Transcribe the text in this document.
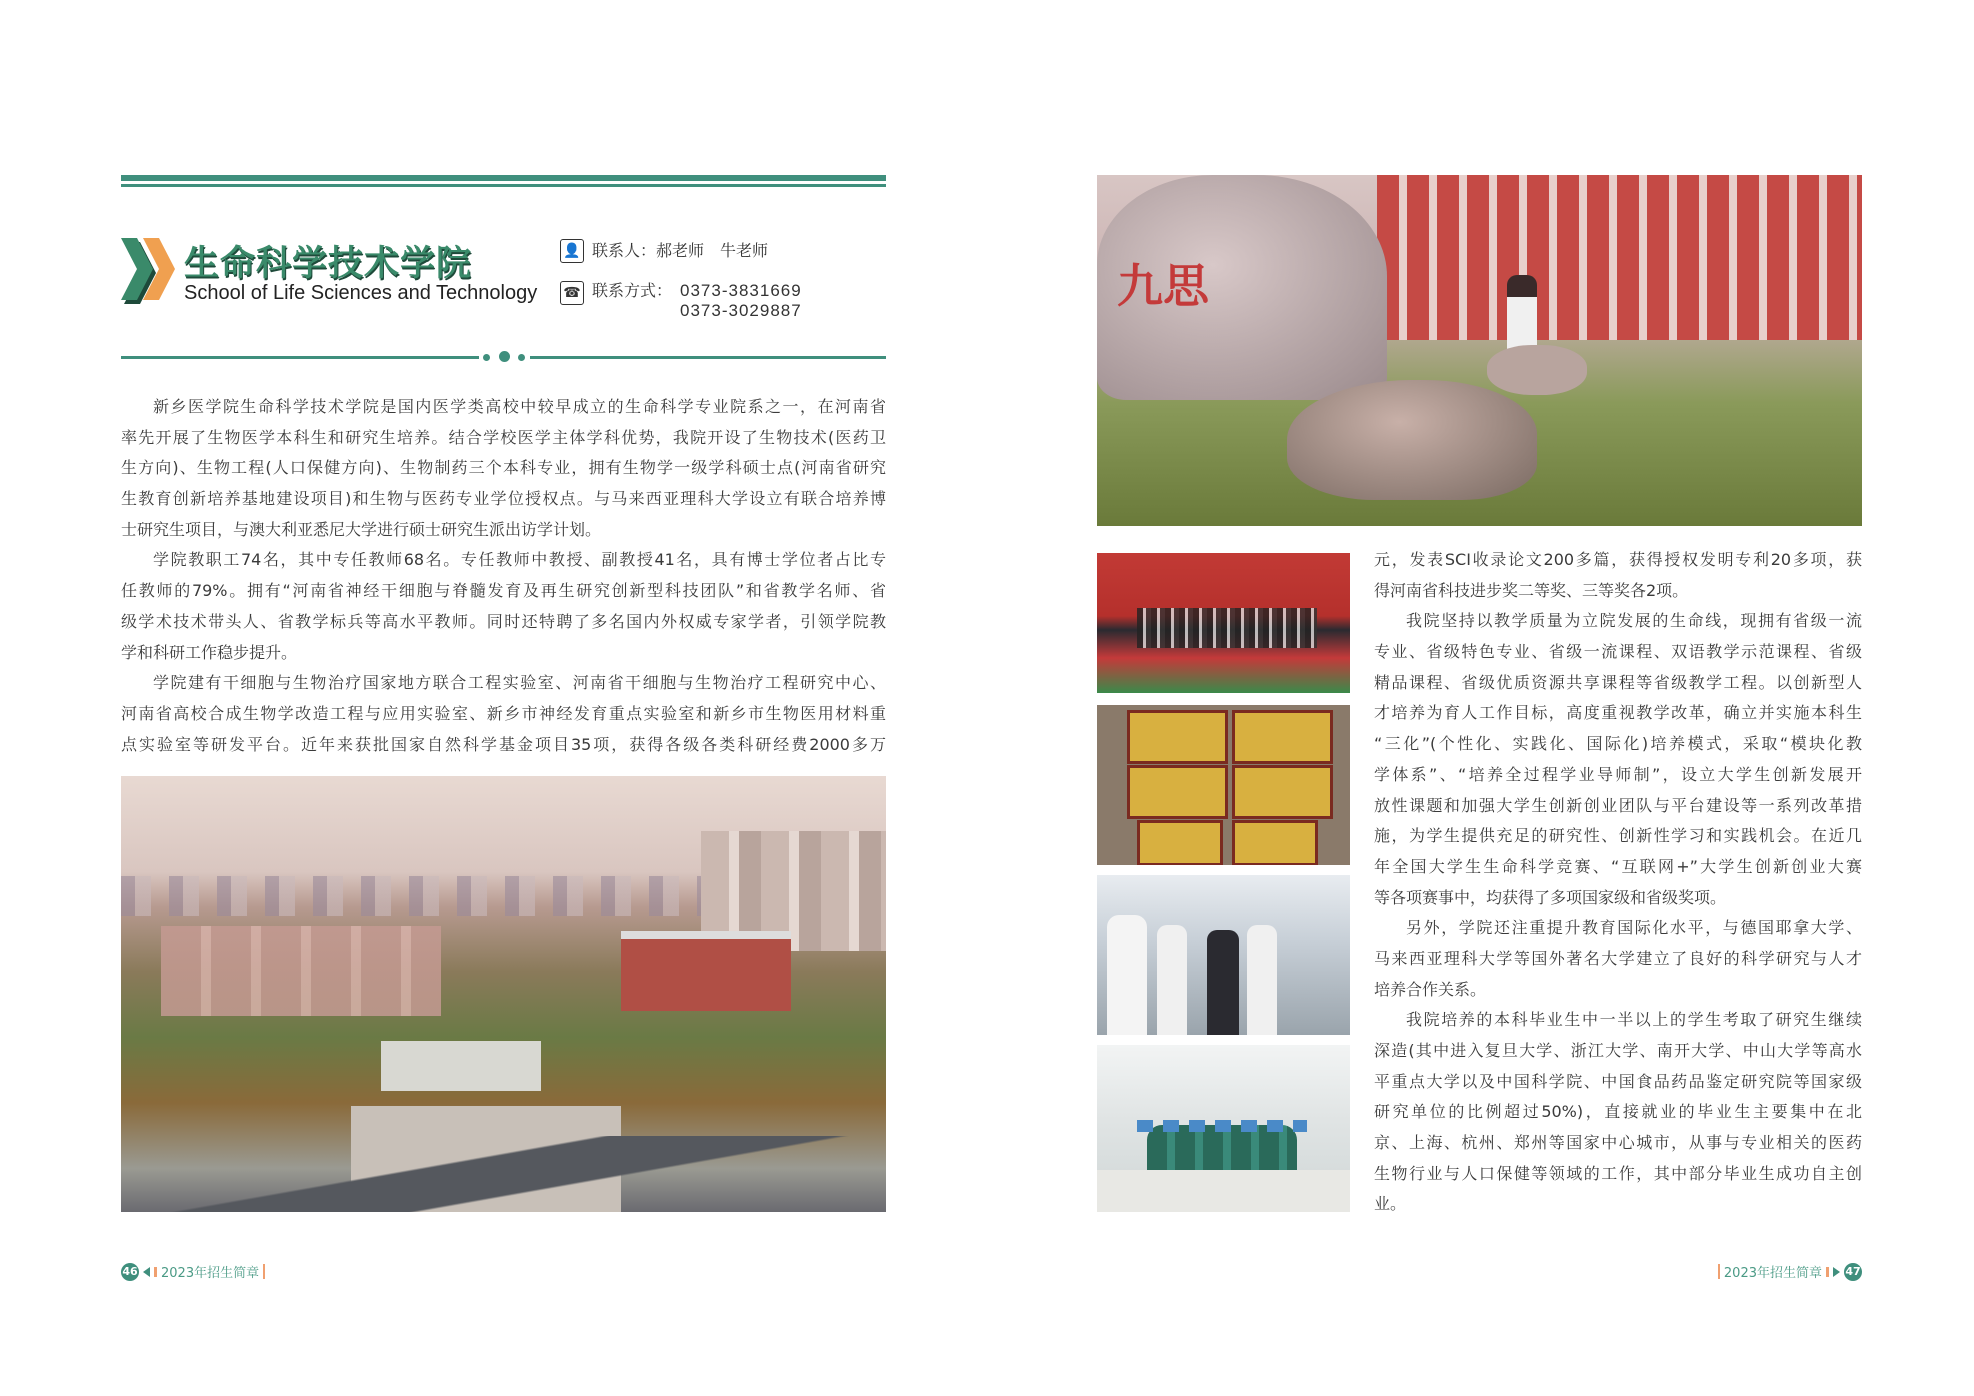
生命科学技术学院
School of Life Sciences and Technology
👤 联系人：郝老师　牛老师
☎ 联系方式： 0373-3831669
0373-3029887
新乡医学院生命科学技术学院是国内医学类高校中较早成立的生命科学专业院系之一，在河南省
率先开展了生物医学本科生和研究生培养。结合学校医学主体学科优势，我院开设了生物技术(医药卫
生方向)、生物工程(人口保健方向)、生物制药三个本科专业，拥有生物学一级学科硕士点(河南省研究
生教育创新培养基地建设项目)和生物与医药专业学位授权点。与马来西亚理科大学设立有联合培养博
士研究生项目，与澳大利亚悉尼大学进行硕士研究生派出访学计划。
学院教职工74名，其中专任教师68名。专任教师中教授、副教授41名，具有博士学位者占比专
任教师的79%。拥有“河南省神经干细胞与脊髓发育及再生研究创新型科技团队”和省教学名师、省
级学术技术带头人、省教学标兵等高水平教师。同时还特聘了多名国内外权威专家学者，引领学院教
学和科研工作稳步提升。
学院建有干细胞与生物治疗国家地方联合工程实验室、河南省干细胞与生物治疗工程研究中心、
河南省高校合成生物学改造工程与应用实验室、新乡市神经发育重点实验室和新乡市生物医用材料重
点实验室等研发平台。近年来获批国家自然科学基金项目35项，获得各级各类科研经费2000多万
九思
元，发表SCI收录论文200多篇，获得授权发明专利20多项，获
得河南省科技进步奖二等奖、三等奖各2项。
我院坚持以教学质量为立院发展的生命线，现拥有省级一流
专业、省级特色专业、省级一流课程、双语教学示范课程、省级
精品课程、省级优质资源共享课程等省级教学工程。以创新型人
才培养为育人工作目标，高度重视教学改革，确立并实施本科生
“三化”(个性化、实践化、国际化)培养模式，采取“模块化教
学体系”、“培养全过程学业导师制”，设立大学生创新发展开
放性课题和加强大学生创新创业团队与平台建设等一系列改革措
施，为学生提供充足的研究性、创新性学习和实践机会。在近几
年全国大学生生命科学竞赛、“互联网+”大学生创新创业大赛
等各项赛事中，均获得了多项国家级和省级奖项。
另外，学院还注重提升教育国际化水平，与德国耶拿大学、
马来西亚理科大学等国外著名大学建立了良好的科学研究与人才
培养合作关系。
我院培养的本科毕业生中一半以上的学生考取了研究生继续
深造(其中进入复旦大学、浙江大学、南开大学、中山大学等高水
平重点大学以及中国科学院、中国食品药品鉴定研究院等国家级
研究单位的比例超过50%)，直接就业的毕业生主要集中在北
京、上海、杭州、郑州等国家中心城市，从事与专业相关的医药
生物行业与人口保健等领域的工作，其中部分毕业生成功自主创
业。
46 2023年招生简章	2023年招生简章 47
